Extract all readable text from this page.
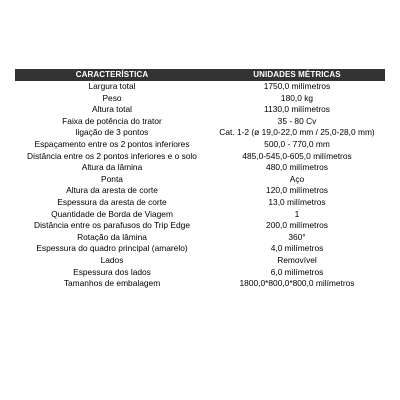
CARACTERÍSTICA	UNIDADES MÉTRICAS
Largura total	1750,0 milímetros
Peso	180,0 kg
Altura total	1130,0 milímetros
Faixa de potência do trator	35 - 80 Cv
ligação de 3 pontos	Cat. 1-2 (ø 19,0-22,0 mm / 25,0-28,0 mm)
Espaçamento entre os 2 pontos inferiores	500,0 - 770,0 mm
Distância entre os 2 pontos inferiores e o solo	485,0-545,0-605,0 milímetros
Altura da lâmina	480,0 milímetros
Ponta	Aço
Altura da aresta de corte	120,0 milímetros
Espessura da aresta de corte	13,0 milímetros
Quantidade de Borda de Viagem	1
Distância entre os parafusos do Trip Edge	200,0 milímetros
Rotação da lâmina	360°
Espessura do quadro principal (amarelo)	4,0 milímetros
Lados	Removível
Espessura dos lados	6,0 milímetros
Tamanhos de embalagem	1800,0*800,0*800,0 milímetros
